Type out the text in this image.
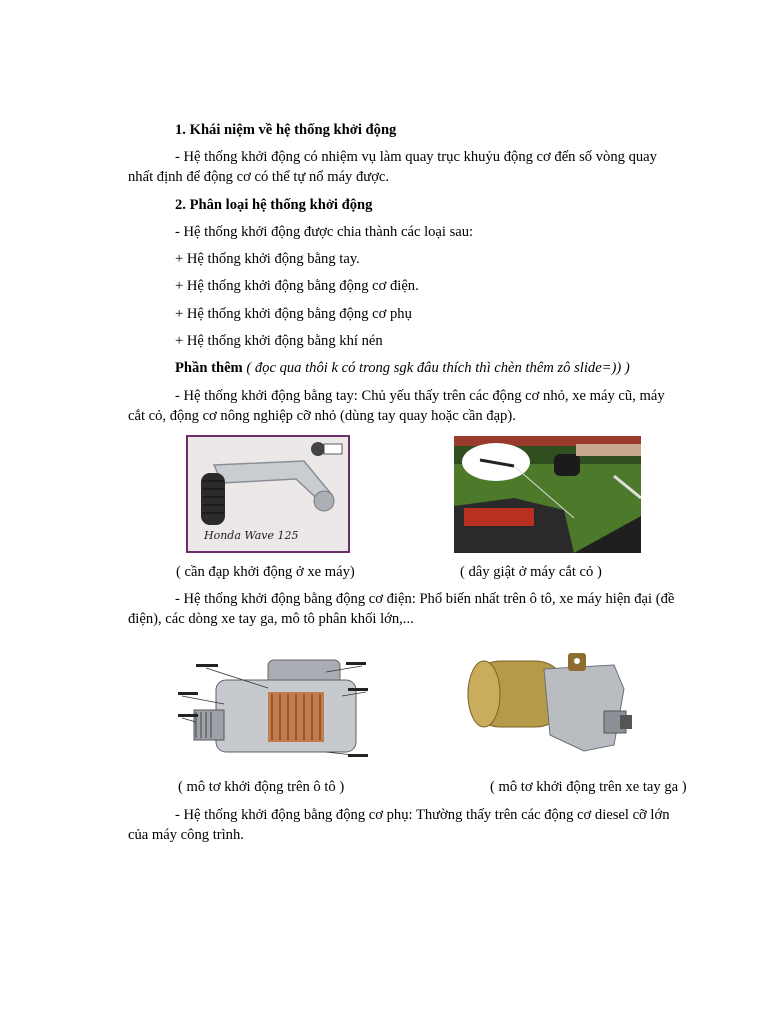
1. Khái niệm về hệ thống khởi động
- Hệ thống khởi động có nhiệm vụ làm quay trục khuỷu động cơ đến số vòng quay
nhất định để động cơ có thể tự nổ máy được.
2. Phân loại hệ thống khởi động
- Hệ thống khởi động được chia thành các loại sau:
+ Hệ thống khởi động bằng tay.
+ Hệ thống khởi động bằng động cơ điện.
+ Hệ thống khởi động bằng động cơ phụ
+ Hệ thống khởi động bằng khí nén
Phần thêm ( đọc qua thôi k có trong sgk đâu thích thì chèn thêm zô slide=)) )
- Hệ thống khởi động bằng tay: Chủ yếu thấy trên các động cơ nhỏ, xe máy cũ, máy
cắt cỏ, động cơ nông nghiệp cỡ nhỏ (dùng tay quay hoặc cần đạp).
Honda Wave 125
( cần đạp khởi động ở xe máy)	( dây giật ở máy cắt cỏ )
- Hệ thống khởi động bằng động cơ điện: Phổ biến nhất trên ô tô, xe máy hiện đại (đề
điện), các dòng xe tay ga, mô tô phân khối lớn,...
( mô tơ khởi động trên ô tô )	( mô tơ khởi động trên xe tay ga )
- Hệ thống khởi động bằng động cơ phụ: Thường thấy trên các động cơ diesel cỡ lớn
của máy công trình.
